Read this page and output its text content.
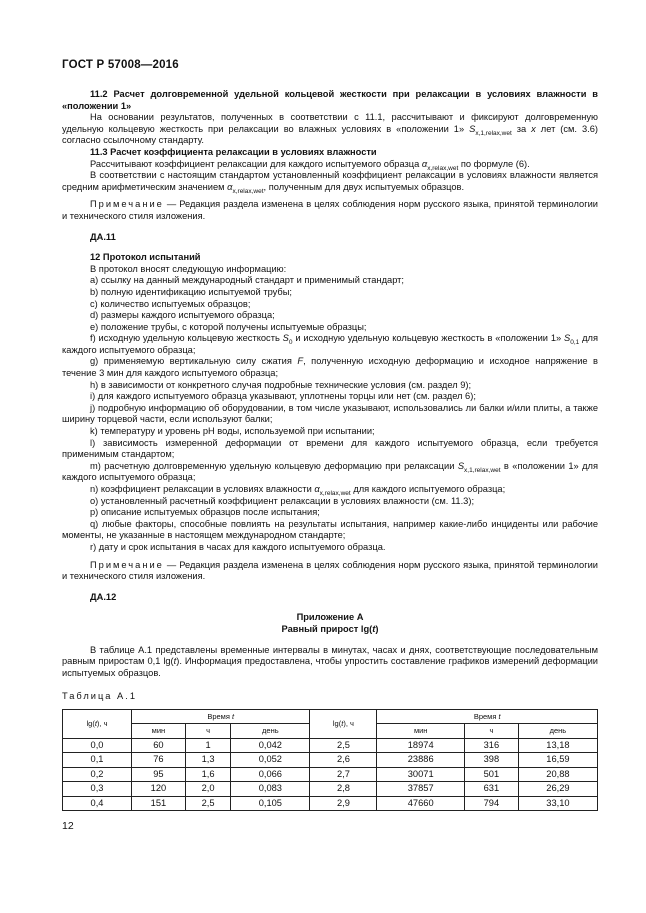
ГОСТ Р 57008—2016

11.2 Расчет долговременной удельной кольцевой жесткости при релаксации в условиях влажности в «положении 1»

На основании результатов, полученных в соответствии с 11.1, рассчитывают и фиксируют долговременную удельную кольцевую жесткость при релаксации во влажных условиях в «положении 1» $S_{x,1,relax,wet}$ за x лет (см. 3.6) согласно ссылочному стандарту.

11.3 Расчет коэффициента релаксации в условиях влажности

Рассчитывают коэффициент релаксации для каждого испытуемого образца $\alpha_{x,relax,wet}$ по формуле (6).

В соответствии с настоящим стандартом установленный коэффициент релаксации в условиях влажности является средним арифметическим значением $\alpha_{x,relax,wet}$, полученным для двух испытуемых образцов.

Примечание — Редакция раздела изменена в целях соблюдения норм русского языка, принятой терминологии и технического стиля изложения.

ДА.11

12 Протокол испытаний

В протокол вносят следующую информацию:

a) ссылку на данный международный стандарт и применимый стандарт;

b) полную идентификацию испытуемой трубы;

c) количество испытуемых образцов;

d) размеры каждого испытуемого образца;

e) положение трубы, с которой получены испытуемые образцы;

f) исходную удельную кольцевую жесткость $S_0$ и исходную удельную кольцевую жесткость в «положении 1» $S_{0,1}$ для каждого испытуемого образца;

g) применяемую вертикальную силу сжатия F, полученную исходную деформацию и исходное напряжение в течение 3 мин для каждого испытуемого образца;

h) в зависимости от конкретного случая подробные технические условия (см. раздел 9);

i) для каждого испытуемого образца указывают, уплотнены торцы или нет (см. раздел 6);

j) подробную информацию об оборудовании, в том числе указывают, использовались ли балки и/или плиты, а также ширину торцевой части, если используют балки;

k) температуру и уровень pH воды, используемой при испытании;

l) зависимость измеренной деформации от времени для каждого испытуемого образца, если требуется применимым стандартом;

m) расчетную долговременную удельную кольцевую деформацию при релаксации $S_{x,1,relax,wet}$ в «положении 1» для каждого испытуемого образца;

n) коэффициент релаксации в условиях влажности $\alpha_{x,relax,wet}$ для каждого испытуемого образца;

o) установленный расчетный коэффициент релаксации в условиях влажности (см. 11.3);

p) описание испытуемых образцов после испытания;

q) любые факторы, способные повлиять на результаты испытания, например какие-либо инциденты или рабочие моменты, не указанные в настоящем международном стандарте;

r) дату и срок испытания в часах для каждого испытуемого образца.

Примечание — Редакция раздела изменена в целях соблюдения норм русского языка, принятой терминологии и технического стиля изложения.

ДА.12

Приложение А

Равный прирост lg(t)

В таблице А.1 представлены временные интервалы в минутах, часах и днях, соответствующие последовательным равным приростам 0,1 lg(t). Информация предоставлена, чтобы упростить составление графиков измерений деформации испытуемых образцов.

Таблица А.1

lg(t), ч	Время t			lg(t), ч	Время t		
	мин	ч	день		мин	ч	день
0,0	60	1	0,042	2,5	18974	316	13,18
0,1	76	1,3	0,052	2,6	23886	398	16,59
0,2	95	1,6	0,066	2,7	30071	501	20,88
0,3	120	2,0	0,083	2,8	37857	631	26,29
0,4	151	2,5	0,105	2,9	47660	794	33,10
12
